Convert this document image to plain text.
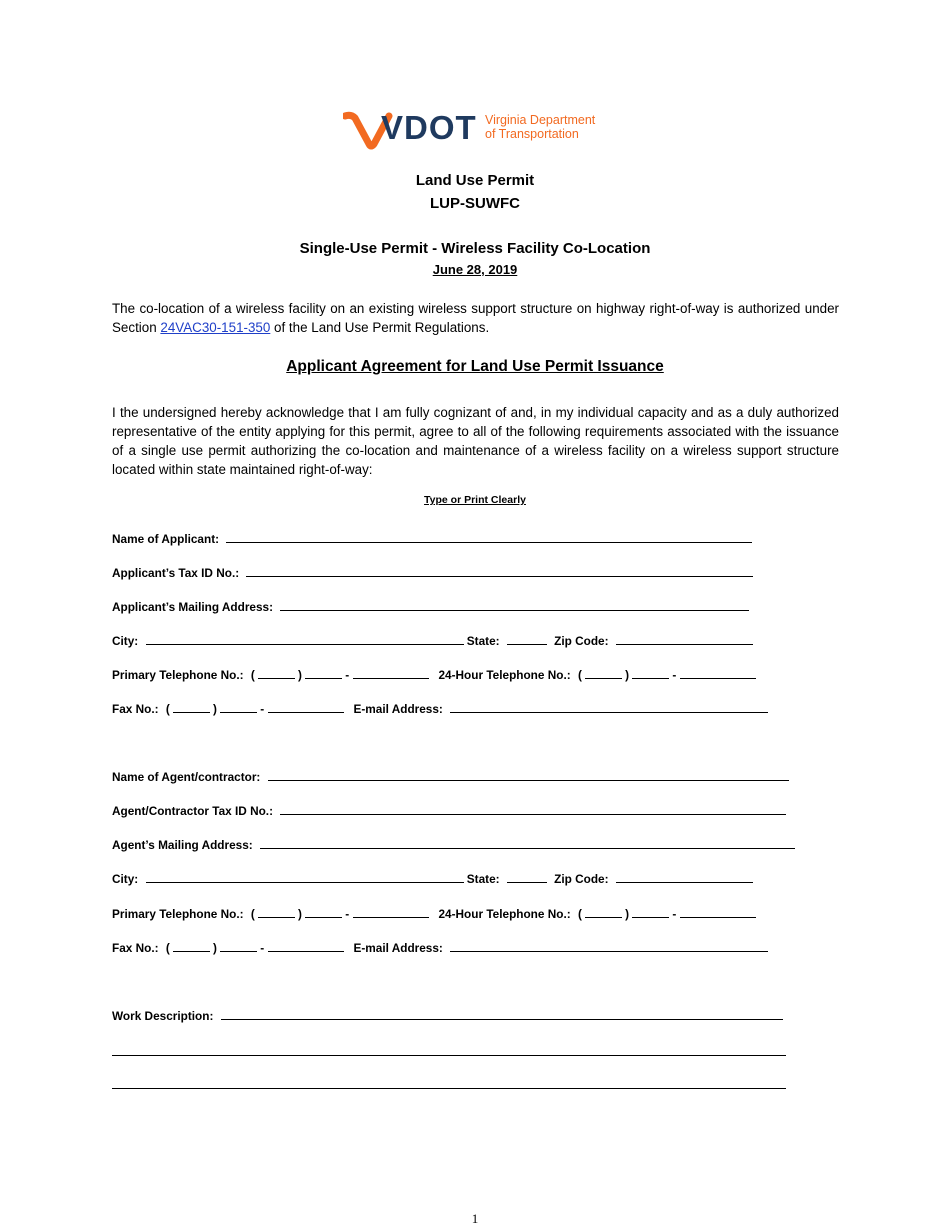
VDOT Virginia Department
of Transportation
Land Use Permit
LUP-SUWFC
Single-Use Permit - Wireless Facility Co-Location
June 28, 2019
The co-location of a wireless facility on an existing wireless support structure on highway right-of-way is authorized under Section 24VAC30-151-350 of the Land Use Permit Regulations.
Applicant Agreement for Land Use Permit Issuance
I the undersigned hereby acknowledge that I am fully cognizant of and, in my individual capacity and as a duly authorized representative of the entity applying for this permit, agree to all of the following requirements associated with the issuance of a single use permit authorizing the co-location and maintenance of a wireless facility on a wireless support structure located within state maintained right-of-way:
Type or Print Clearly
Name of Applicant:
Applicant’s Tax ID No.:
Applicant’s Mailing Address:
City:	State:	Zip Code:
Primary Telephone No.: (	)	-	24-Hour Telephone No.: (	)	-
Fax No.: (	)	-	E-mail Address:
Name of Agent/contractor:
Agent/Contractor Tax ID No.:
Agent’s Mailing Address:
City:	State:	Zip Code:
Primary Telephone No.: (	)	-	24-Hour Telephone No.: (	)	-
Fax No.: (	)	-	E-mail Address:
Work Description:
1
